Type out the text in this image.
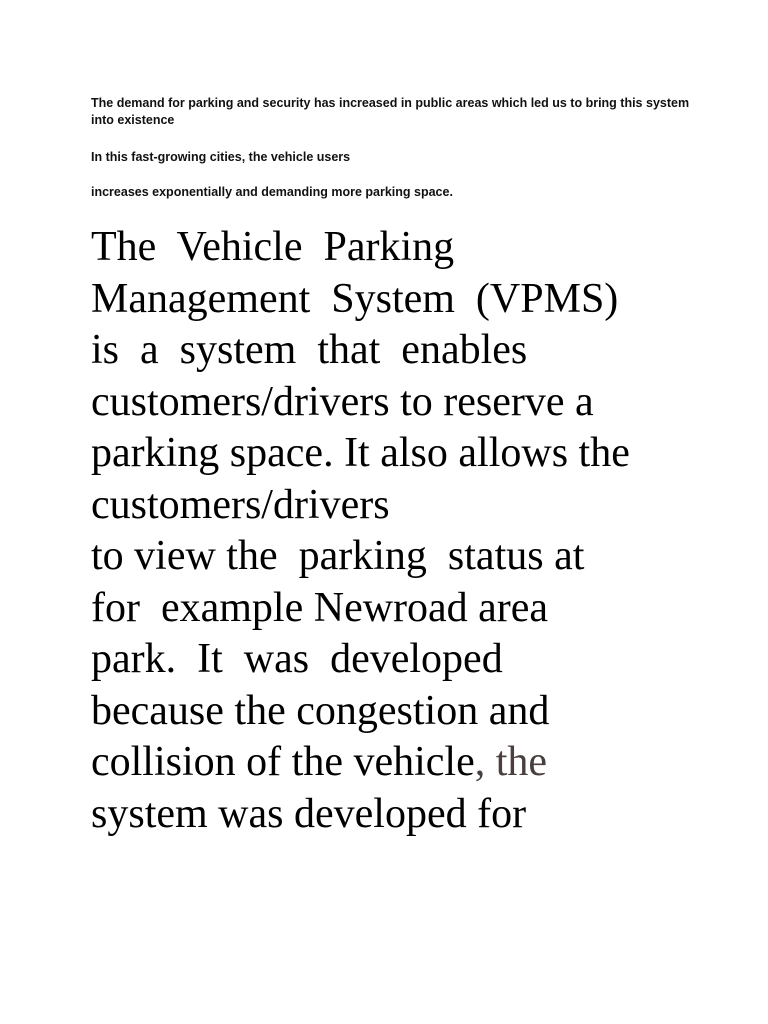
The demand for parking and security has increased in public areas which led us to bring this system into existence

In this fast-growing cities, the vehicle users

increases exponentially and demanding more parking space.

The  Vehicle  Parking
Management  System  (VPMS)
is  a  system  that  enables
customers/drivers to reserve a
parking space. It also allows the
customers/drivers
to view the  parking  status at
for  example Newroad area
park.  It  was  developed
because the congestion and
collision of the vehicle, the
system was developed for
